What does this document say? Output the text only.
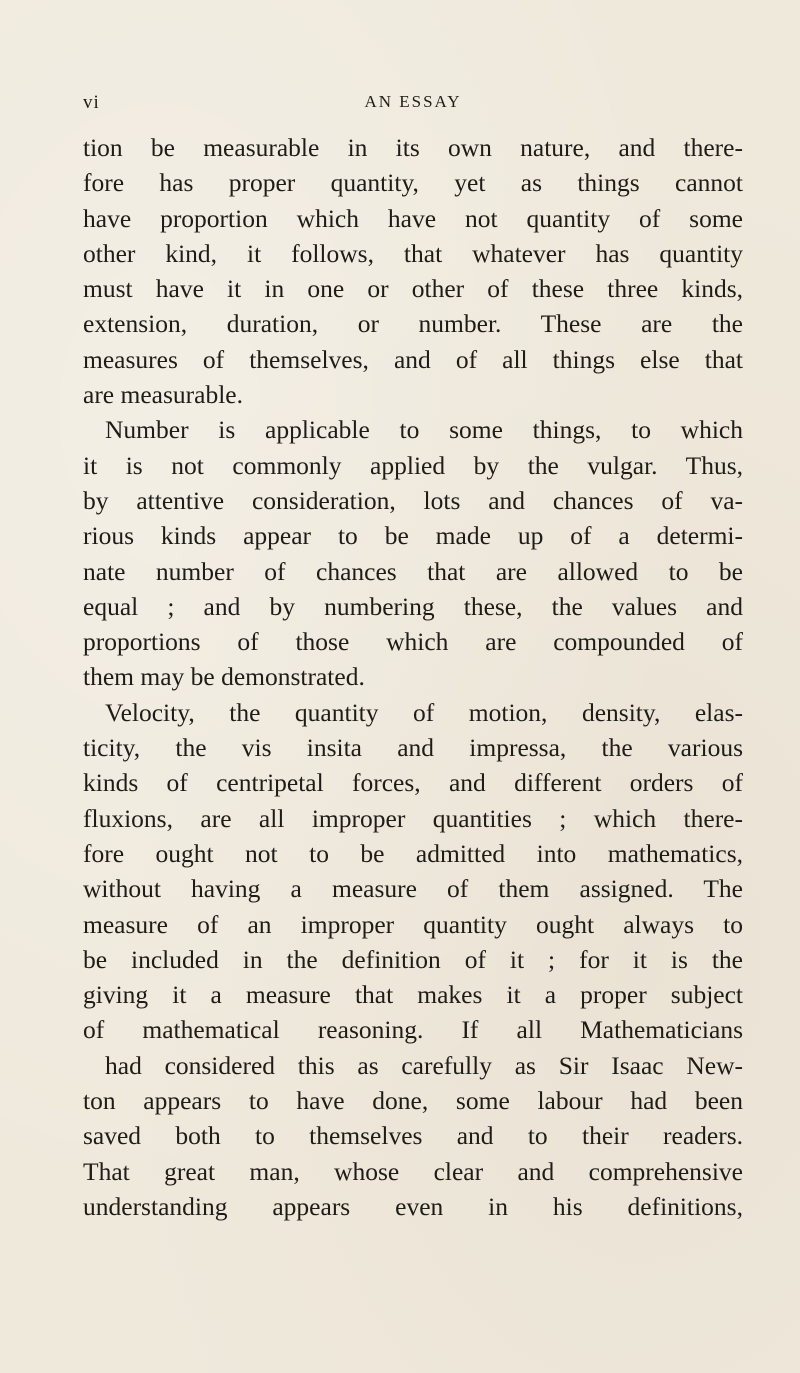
vi	AN ESSAY
tion be measurable in its own nature, and there-
fore has proper quantity, yet as things cannot
have proportion which have not quantity of some
other kind, it follows, that whatever has quantity
must have it in one or other of these three kinds,
extension, duration, or number. These are the
measures of themselves, and of all things else that
are measurable.
Number is applicable to some things, to which
it is not commonly applied by the vulgar. Thus,
by attentive consideration, lots and chances of va-
rious kinds appear to be made up of a determi-
nate number of chances that are allowed to be
equal ; and by numbering these, the values and
proportions of those which are compounded of
them may be demonstrated.
Velocity, the quantity of motion, density, elas-
ticity, the vis insita and impressa, the various
kinds of centripetal forces, and different orders of
fluxions, are all improper quantities ; which there-
fore ought not to be admitted into mathematics,
without having a measure of them assigned. The
measure of an improper quantity ought always to
be included in the definition of it ; for it is the
giving it a measure that makes it a proper subject
of mathematical reasoning. If all Mathematicians
had considered this as carefully as Sir Isaac New-
ton appears to have done, some labour had been
saved both to themselves and to their readers.
That great man, whose clear and comprehensive
understanding appears even in his definitions,
